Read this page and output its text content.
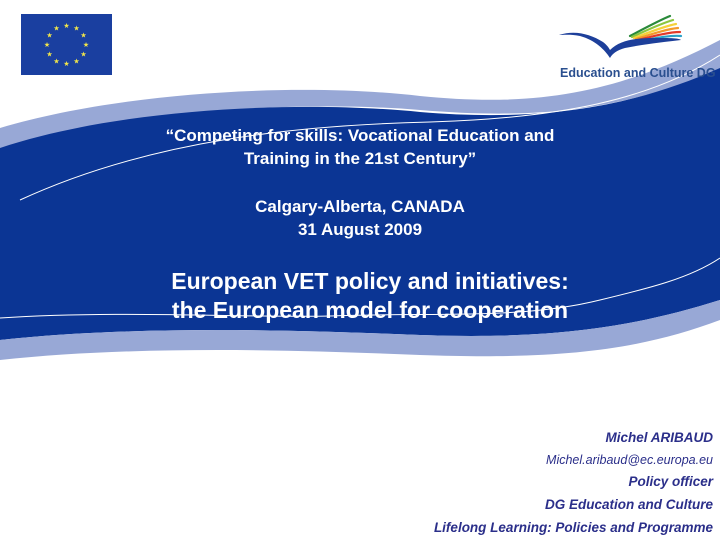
★ ★
★
★
★
★
★
★
★
★
★
★
Education and Culture DG
“Competing for skills: Vocational Education and
Training in the 21st Century”
Calgary-Alberta, CANADA
31 August 2009
European VET policy and initiatives:
the European model for cooperation
Michel ARIBAUD
Michel.aribaud@ec.europa.eu
Policy officer
DG Education and Culture
Lifelong Learning: Policies and Programme
